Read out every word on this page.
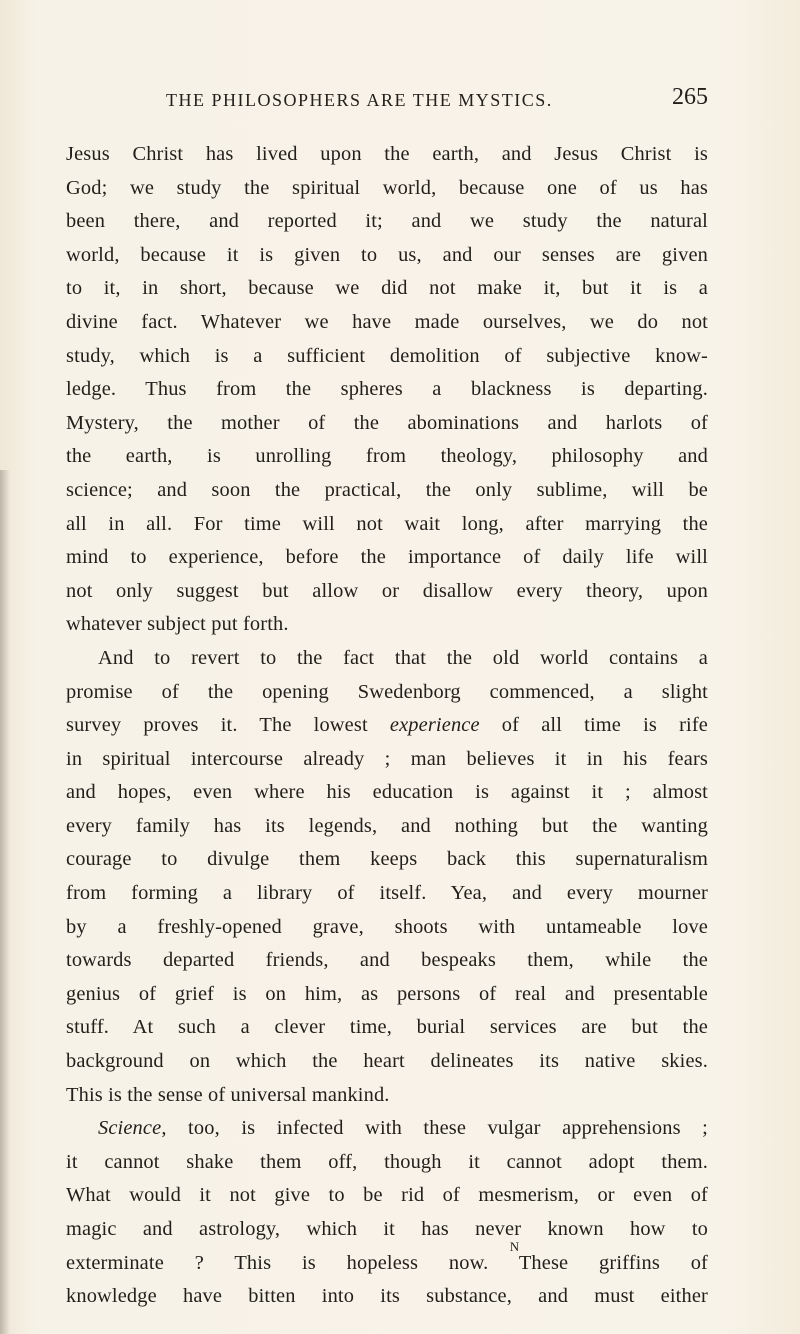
THE PHILOSOPHERS ARE THE MYSTICS.	265
Jesus Christ has lived upon the earth, and Jesus Christ is
God; we study the spiritual world, because one of us has
been there, and reported it; and we study the natural
world, because it is given to us, and our senses are given
to it, in short, because we did not make it, but it is a
divine fact. Whatever we have made ourselves, we do not
study, which is a sufficient demolition of subjective know-
ledge. Thus from the spheres a blackness is departing.
Mystery, the mother of the abominations and harlots of
the earth, is unrolling from theology, philosophy and
science; and soon the practical, the only sublime, will be
all in all. For time will not wait long, after marrying the
mind to experience, before the importance of daily life will
not only suggest but allow or disallow every theory, upon
whatever subject put forth.
And to revert to the fact that the old world contains a
promise of the opening Swedenborg commenced, a slight
survey proves it. The lowest experience of all time is rife
in spiritual intercourse already ; man believes it in his fears
and hopes, even where his education is against it ; almost
every family has its legends, and nothing but the wanting
courage to divulge them keeps back this supernaturalism
from forming a library of itself. Yea, and every mourner
by a freshly-opened grave, shoots with untameable love
towards departed friends, and bespeaks them, while the
genius of grief is on him, as persons of real and presentable
stuff. At such a clever time, burial services are but the
background on which the heart delineates its native skies.
This is the sense of universal mankind.
Science, too, is infected with these vulgar apprehensions ;
it cannot shake them off, though it cannot adopt them.
What would it not give to be rid of mesmerism, or even of
magic and astrology, which it has never known how to
exterminate ? This is hopeless now. These griffins of
knowledge have bitten into its substance, and must either
N
